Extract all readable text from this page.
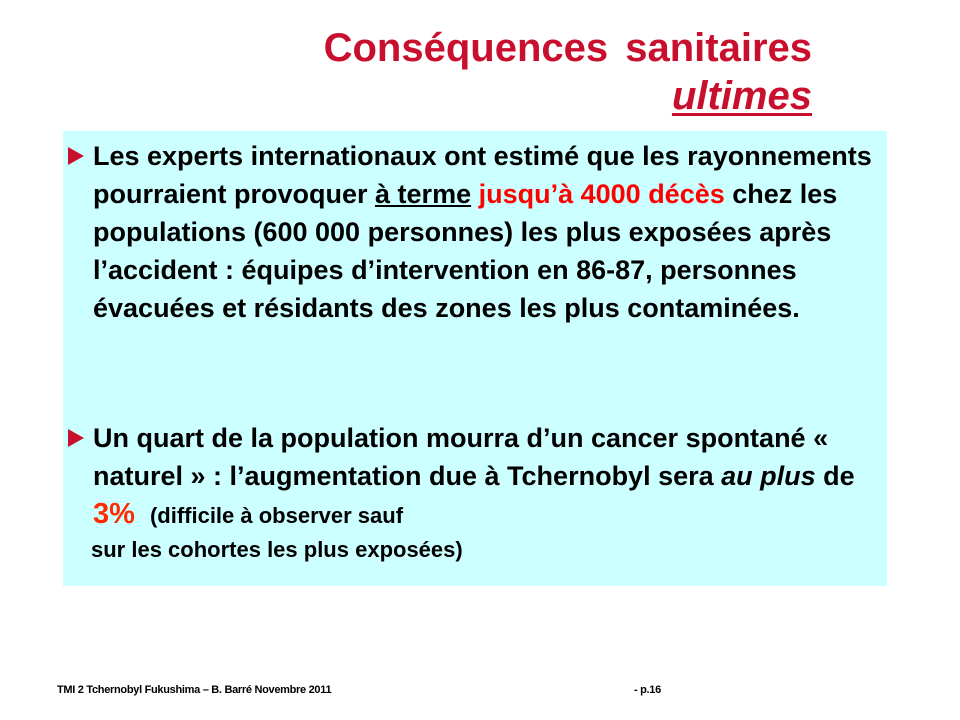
Conséquences sanitaires
ultimes
Les experts internationaux ont estimé que les rayonnements pourraient provoquer à terme jusqu’à 4000 décès chez les populations (600 000 personnes) les plus exposées après l’accident : équipes d’intervention en 86-87, personnes évacuées et résidants des zones les plus contaminées.
Un quart de la population mourra d’un cancer spontané « naturel » : l’augmentation due à Tchernobyl sera au plus de 3% (difficile à observer sauf
sur les cohortes les plus exposées)
TMI 2 Tchernobyl Fukushima – B. Barré Novembre 2011	- p.16
